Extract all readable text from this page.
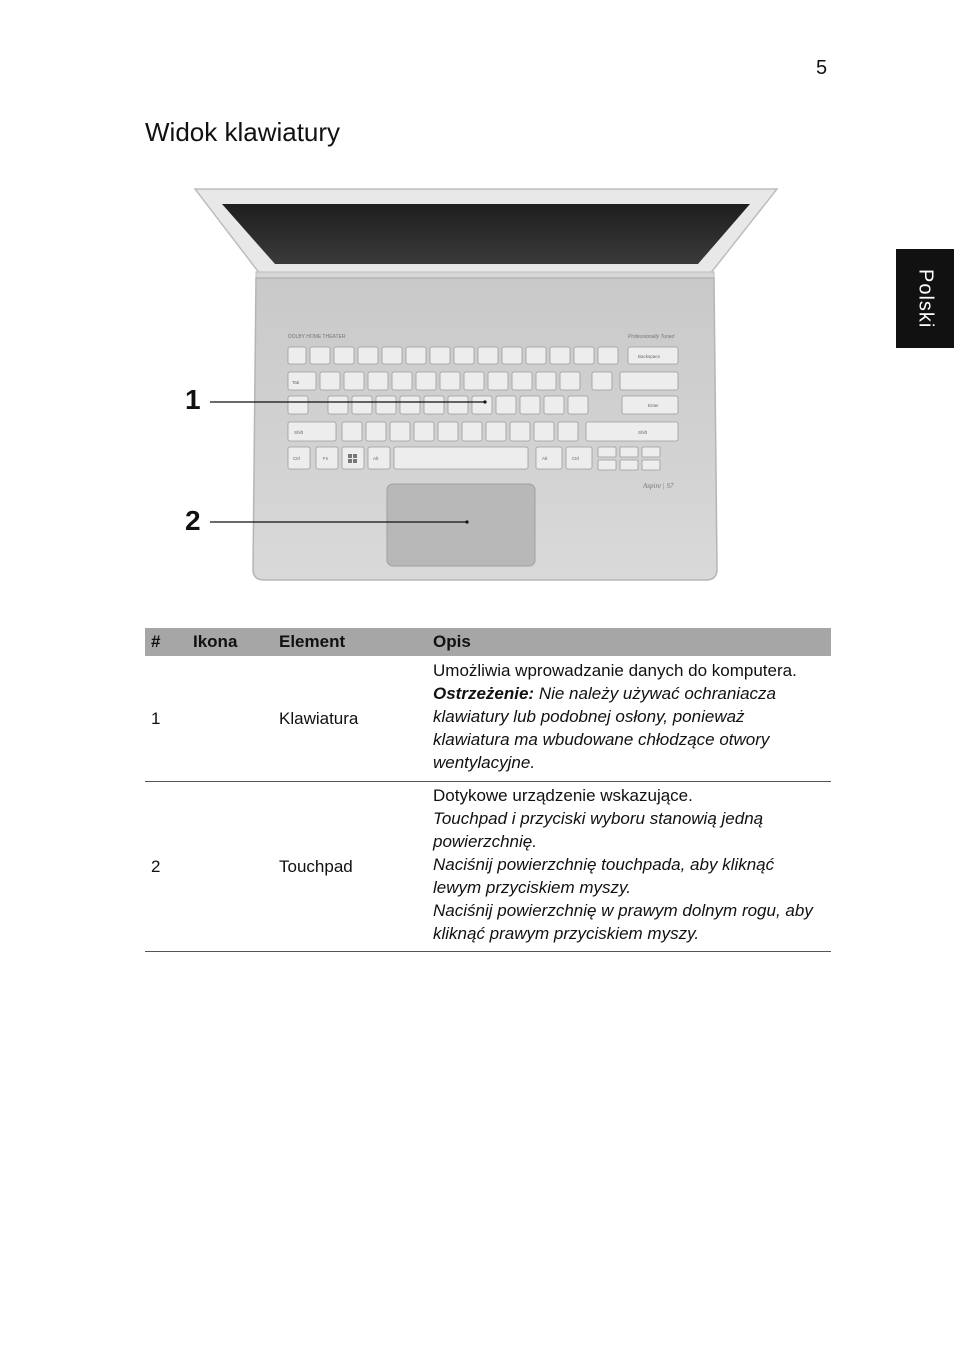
5
Widok klawiatury
Polski
1
2
DOLBY HOME THEATER	Professionally Tuned
Backspace
Enter
Tab
Shift	Shift
Ctrl	Fn	Alt	Alt	Ctrl
Aspire | S7
#	Ikona	Element	Opis
1		Klawiatura	Umożliwia wprowadzanie danych do komputera.

Ostrzeżenie: Nie należy używać ochraniacza klawiatury lub podobnej osłony, ponieważ klawiatura ma wbudowane chłodzące otwory wentylacyjne.

2		Touchpad	Dotykowe urządzenie wskazujące.

Touchpad i przyciski wyboru stanowią jedną powierzchnię.

Naciśnij powierzchnię touchpada, aby kliknąć lewym przyciskiem myszy.

Naciśnij powierzchnię w prawym dolnym rogu, aby kliknąć prawym przyciskiem myszy.
